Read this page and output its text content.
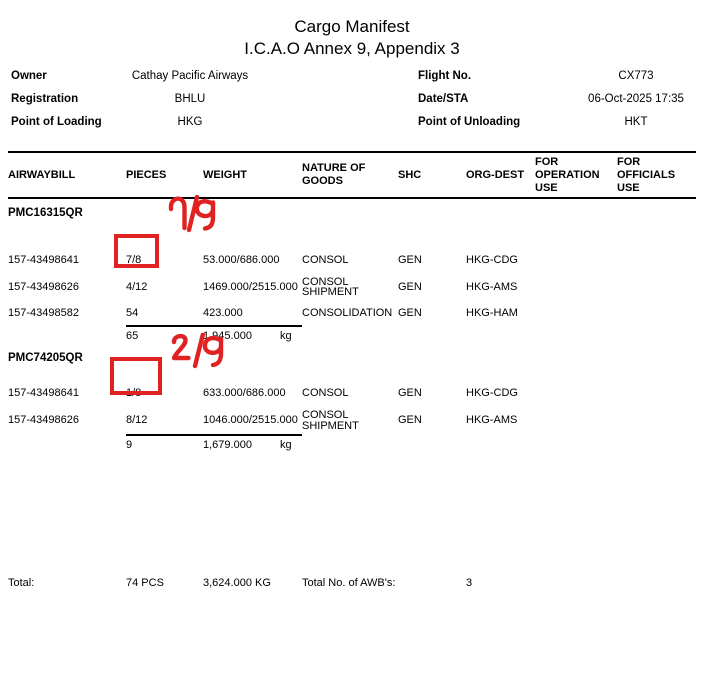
Cargo Manifest
I.C.A.O Annex 9, Appendix 3
Owner	Cathay Pacific Airways	Flight No.	CX773
Registration	BHLU	Date/STA	06-Oct-2025 17:35
Point of Loading	HKG	Point of Unloading	HKT
AIRWAYBILL	PIECES	WEIGHT		NATURE OF GOODS	SHC	ORG-DEST	FOR OPERATION USE	FOR OFFICIALS USE
PMC16315QR								
157-43498641	7/8	53.000/686.000		CONSOL	GEN	HKG-CDG		
157-43498626	4/12	1469.000/2515.000		CONSOL SHIPMENT	GEN	HKG-AMS		
157-43498582	54	423.000		CONSOLIDATION	GEN	HKG-HAM		
	65	1,945.000	kg					
PMC74205QR								
157-43498641	1/8	633.000/686.000		CONSOL	GEN	HKG-CDG		
157-43498626	8/12	1046.000/2515.000		CONSOL SHIPMENT	GEN	HKG-AMS		
	9	1,679.000	kg					

Total:	74 PCS	3,624.000 KG		Total No. of AWB's:		3		
